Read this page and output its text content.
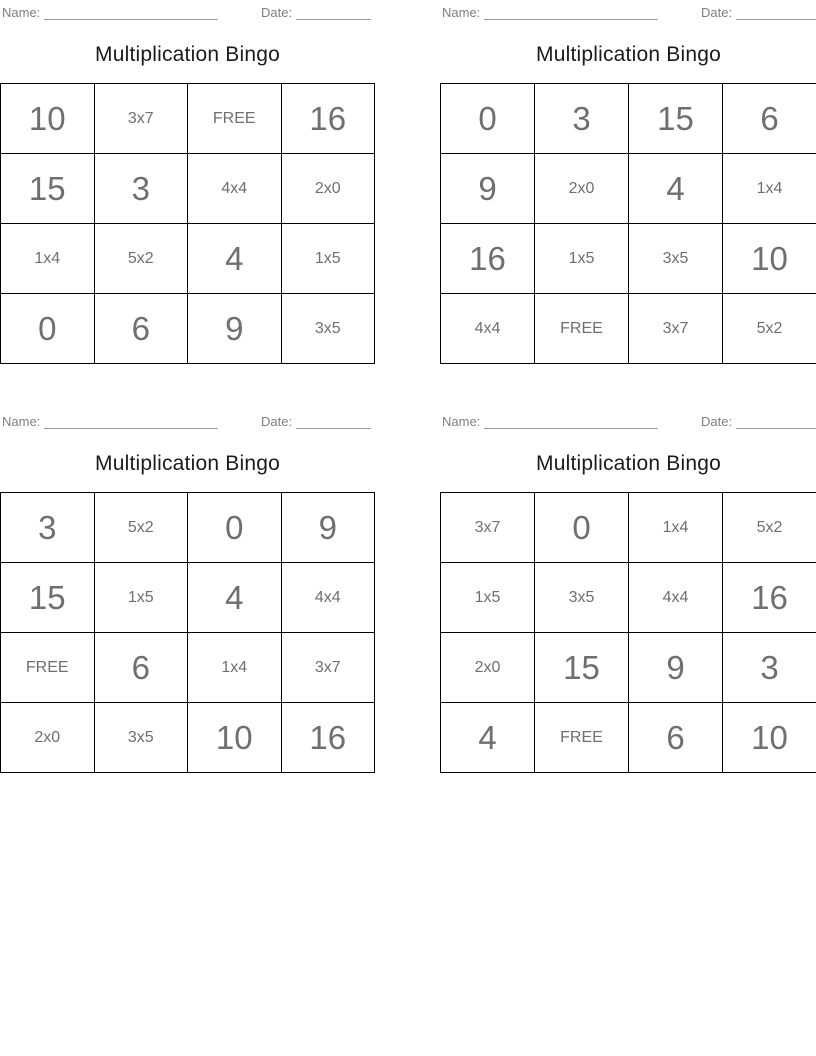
Name:	Date:
Multiplication Bingo
10	3x7	FREE	16
15	3	4x4	2x0
1x4	5x2	4	1x5
0	6	9	3x5
Name:	Date:
Multiplication Bingo
0	3	15	6
9	2x0	4	1x4
16	1x5	3x5	10
4x4	FREE	3x7	5x2
Name:	Date:
Multiplication Bingo
3	5x2	0	9
15	1x5	4	4x4
FREE	6	1x4	3x7
2x0	3x5	10	16
Name:	Date:
Multiplication Bingo
3x7	0	1x4	5x2
1x5	3x5	4x4	16
2x0	15	9	3
4	FREE	6	10
